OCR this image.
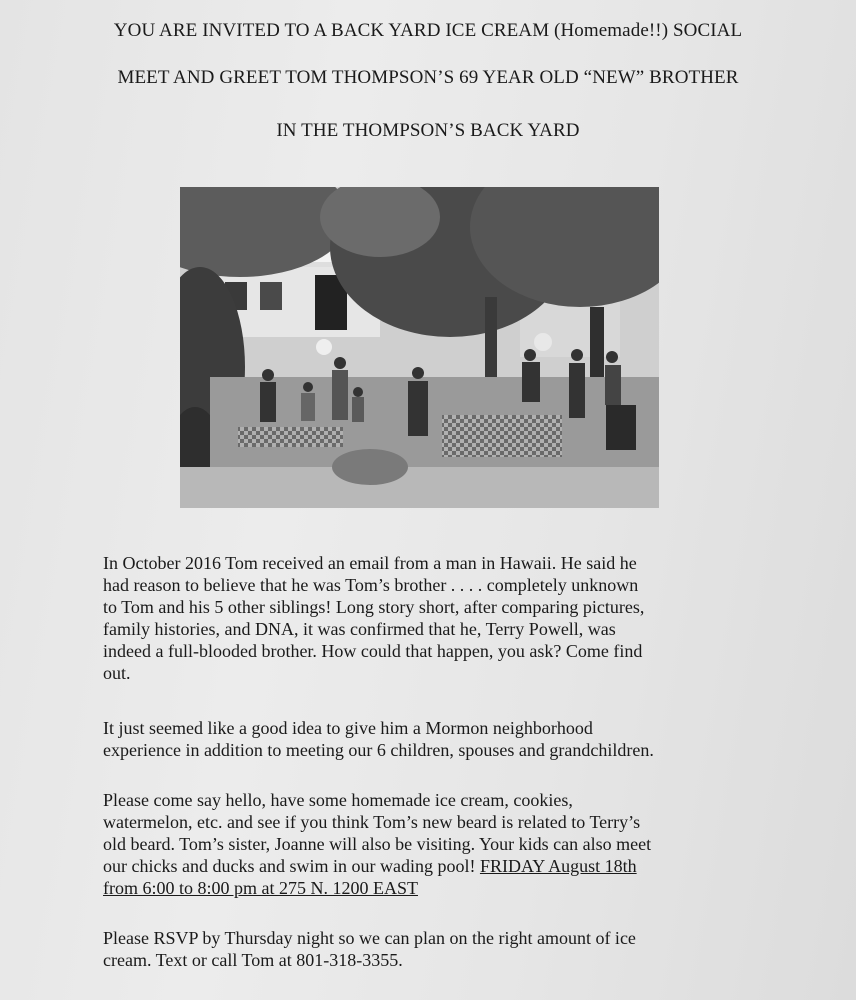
YOU ARE INVITED TO A BACK YARD ICE CREAM (Homemade!!) SOCIAL
MEET AND GREET TOM THOMPSON’S 69 YEAR OLD “NEW” BROTHER
IN THE THOMPSON’S BACK YARD
In October 2016 Tom received an email from a man in Hawaii. He said he
had reason to believe that he was Tom’s brother . . . . completely unknown
to Tom and his 5 other siblings! Long story short, after comparing pictures,
family histories, and DNA, it was confirmed that he, Terry Powell, was
indeed a full-blooded brother. How could that happen, you ask? Come find
out.
It just seemed like a good idea to give him a Mormon neighborhood
experience in addition to meeting our 6 children, spouses and grandchildren.
Please come say hello, have some homemade ice cream, cookies,
watermelon, etc. and see if you think Tom’s new beard is related to Terry’s
old beard. Tom’s sister, Joanne will also be visiting. Your kids can also meet
our chicks and ducks and swim in our wading pool! FRIDAY August 18th
from 6:00 to 8:00 pm at 275 N. 1200 EAST
Please RSVP by Thursday night so we can plan on the right amount of ice
cream. Text or call Tom at 801-318-3355.
